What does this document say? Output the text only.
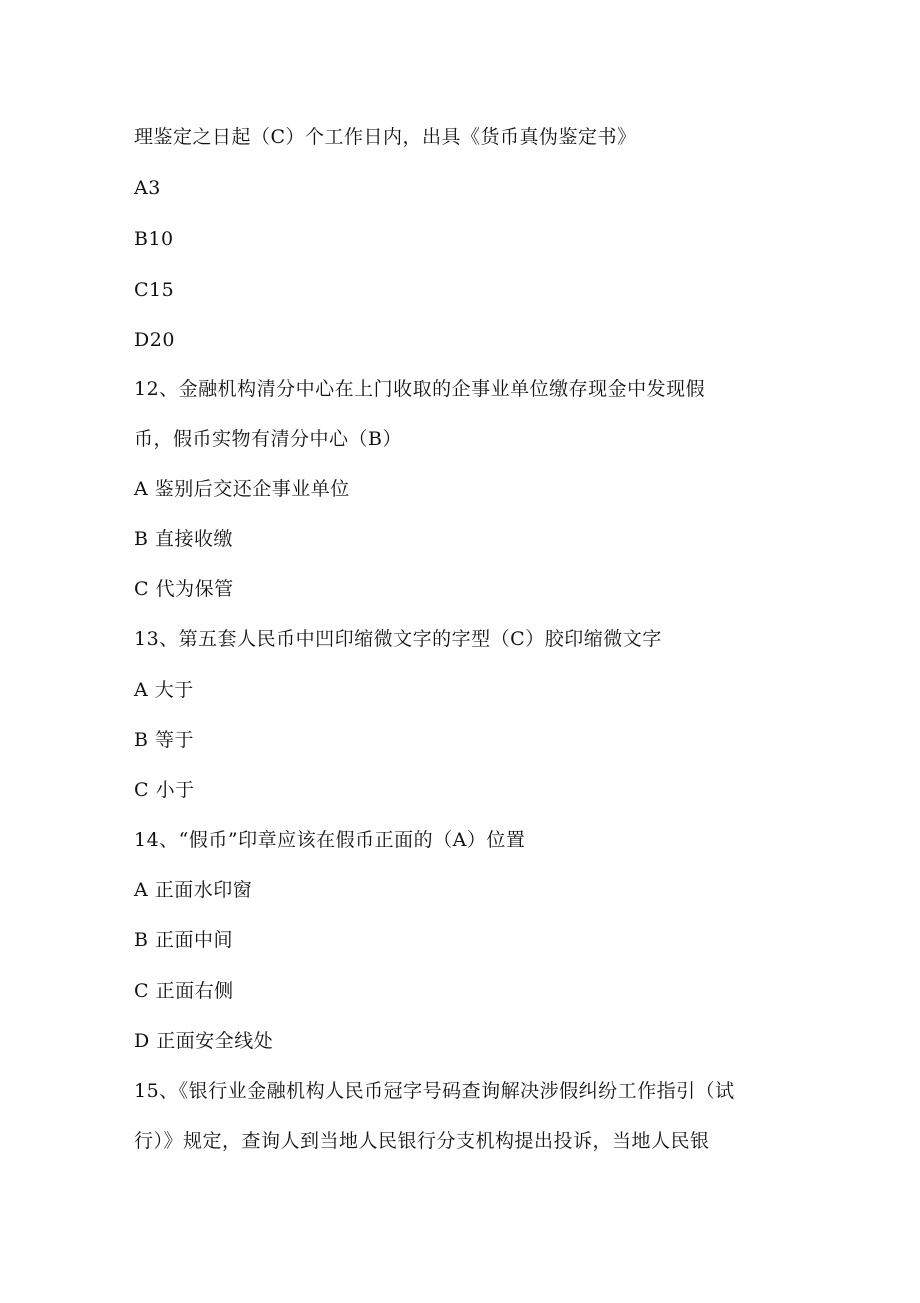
理鉴定之日起（C）个工作日内，出具《货币真伪鉴定书》
A3
B10
C15
D20
12、金融机构清分中心在上门收取的企事业单位缴存现金中发现假
币，假币实物有清分中心（B）
A 鉴别后交还企事业单位
B 直接收缴
C 代为保管
13、第五套人民币中凹印缩微文字的字型（C）胶印缩微文字
A 大于
B 等于
C 小于
14、“假币”印章应该在假币正面的（A）位置
A 正面水印窗
B 正面中间
C 正面右侧
D 正面安全线处
15、《银行业金融机构人民币冠字号码查询解决涉假纠纷工作指引（试
行）》规定，查询人到当地人民银行分支机构提出投诉，当地人民银
